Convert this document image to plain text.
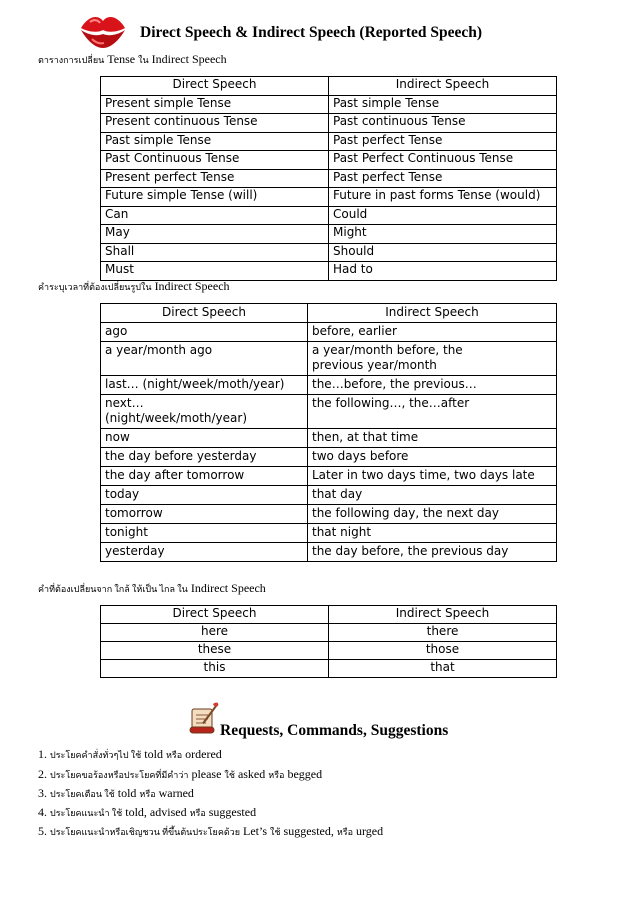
Direct Speech & Indirect Speech (Reported Speech)
ตารางการเปลี่ยน Tense ใน Indirect Speech
Direct Speech	Indirect Speech
Present simple Tense	Past simple Tense
Present continuous Tense	Past continuous Tense
Past simple Tense	Past perfect Tense
Past Continuous Tense	Past Perfect Continuous Tense
Present perfect Tense	Past perfect Tense
Future simple Tense (will)	Future in past forms Tense (would)
Can	Could
May	Might
Shall	Should
Must	Had to
คำระบุเวลาที่ต้องเปลี่ยนรูปใน Indirect Speech
Direct Speech	Indirect Speech
ago	before, earlier
a year/month ago	a year/month before, the previous year/month
last… (night/week/moth/year)	the…before, the previous…
next… (night/week/moth/year)	the following…, the…after
now	then, at that time
the day before yesterday	two days before
the day after tomorrow	Later in two days time, two days late
today	that day
tomorrow	the following day, the next day
tonight	that night
yesterday	the day before, the previous day
คำที่ต้องเปลี่ยนจาก ใกล้ ให้เป็น ไกล ใน Indirect Speech
Direct Speech	Indirect Speech
here	there
these	those
this	that
Requests, Commands, Suggestions
1. ประโยคคำสั่งทั่วๆไป ใช้ told หรือ ordered
2. ประโยคขอร้องหรือประโยคที่มีคำว่า please ใช้ asked หรือ begged
3. ประโยคเตือน ใช้ told หรือ warned
4. ประโยคแนะนำ ใช้ told, advised หรือ suggested
5. ประโยคแนะนำหรือเชิญชวน ที่ขึ้นต้นประโยคด้วย Let’s ใช้ suggested, หรือ urged
